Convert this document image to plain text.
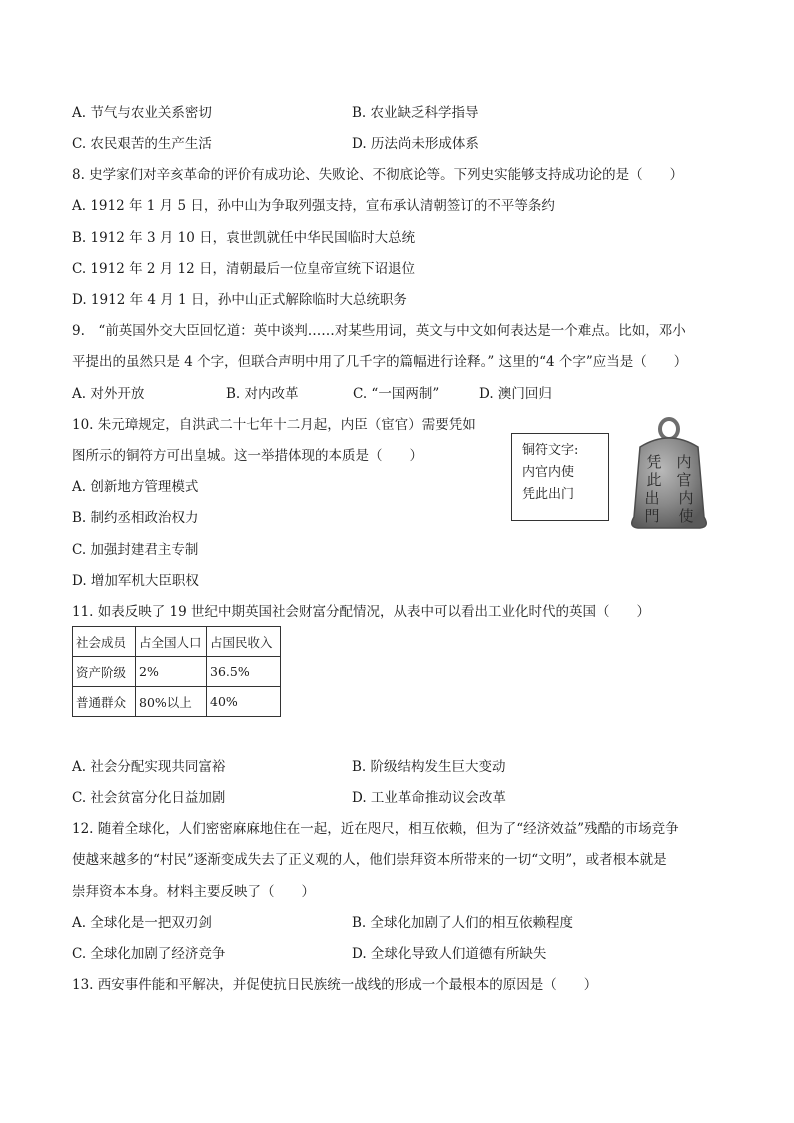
A. 节气与农业关系密切	B. 农业缺乏科学指导
C. 农民艰苦的生产生活	D. 历法尚未形成体系
8. 史学家们对辛亥革命的评价有成功论、失败论、不彻底论等。下列史实能够支持成功论的是（　　）
A. 1912 年 1 月 5 日，孙中山为争取列强支持，宣布承认清朝签订的不平等条约
B. 1912 年 3 月 10 日，袁世凯就任中华民国临时大总统
C. 1912 年 2 月 12 日，清朝最后一位皇帝宣统下诏退位
D. 1912 年 4 月 1 日，孙中山正式解除临时大总统职务
9.　“前英国外交大臣回忆道：英中谈判……对某些用词，英文与中文如何表达是一个难点。比如，邓小
平提出的虽然只是 4 个字，但联合声明中用了几千字的篇幅进行诠释。” 这里的“4 个字”应当是（　　）
A. 对外开放	B. 对内改革	C. “一国两制”	D. 澳门回归
10. 朱元璋规定，自洪武二十七年十二月起，内臣（宦官）需要凭如
图所示的铜符方可出皇城。这一举措体现的本质是（　　）
A. 创新地方管理模式
B. 制约丞相政治权力
C. 加强封建君主专制
D. 增加军机大臣职权
铜符文字:
内官内使
凭此出门
内
官
内
使
凭
此
出
門
11. 如表反映了 19 世纪中期英国社会财富分配情况，从表中可以看出工业化时代的英国（　　）
社会成员	占全国人口	占国民收入
资产阶级	2%	36.5%
普通群众	80%以上	40%
A. 社会分配实现共同富裕	B. 阶级结构发生巨大变动
C. 社会贫富分化日益加剧	D. 工业革命推动议会改革
12. 随着全球化，人们密密麻麻地住在一起，近在咫尺，相互依赖，但为了“经济效益”残酷的市场竞争
使越来越多的“村民”逐渐变成失去了正义观的人，他们崇拜资本所带来的一切“文明”，或者根本就是
崇拜资本本身。材料主要反映了（　　）
A. 全球化是一把双刃剑	B. 全球化加剧了人们的相互依赖程度
C. 全球化加剧了经济竞争	D. 全球化导致人们道德有所缺失
13. 西安事件能和平解决，并促使抗日民族统一战线的形成一个最根本的原因是（　　）
